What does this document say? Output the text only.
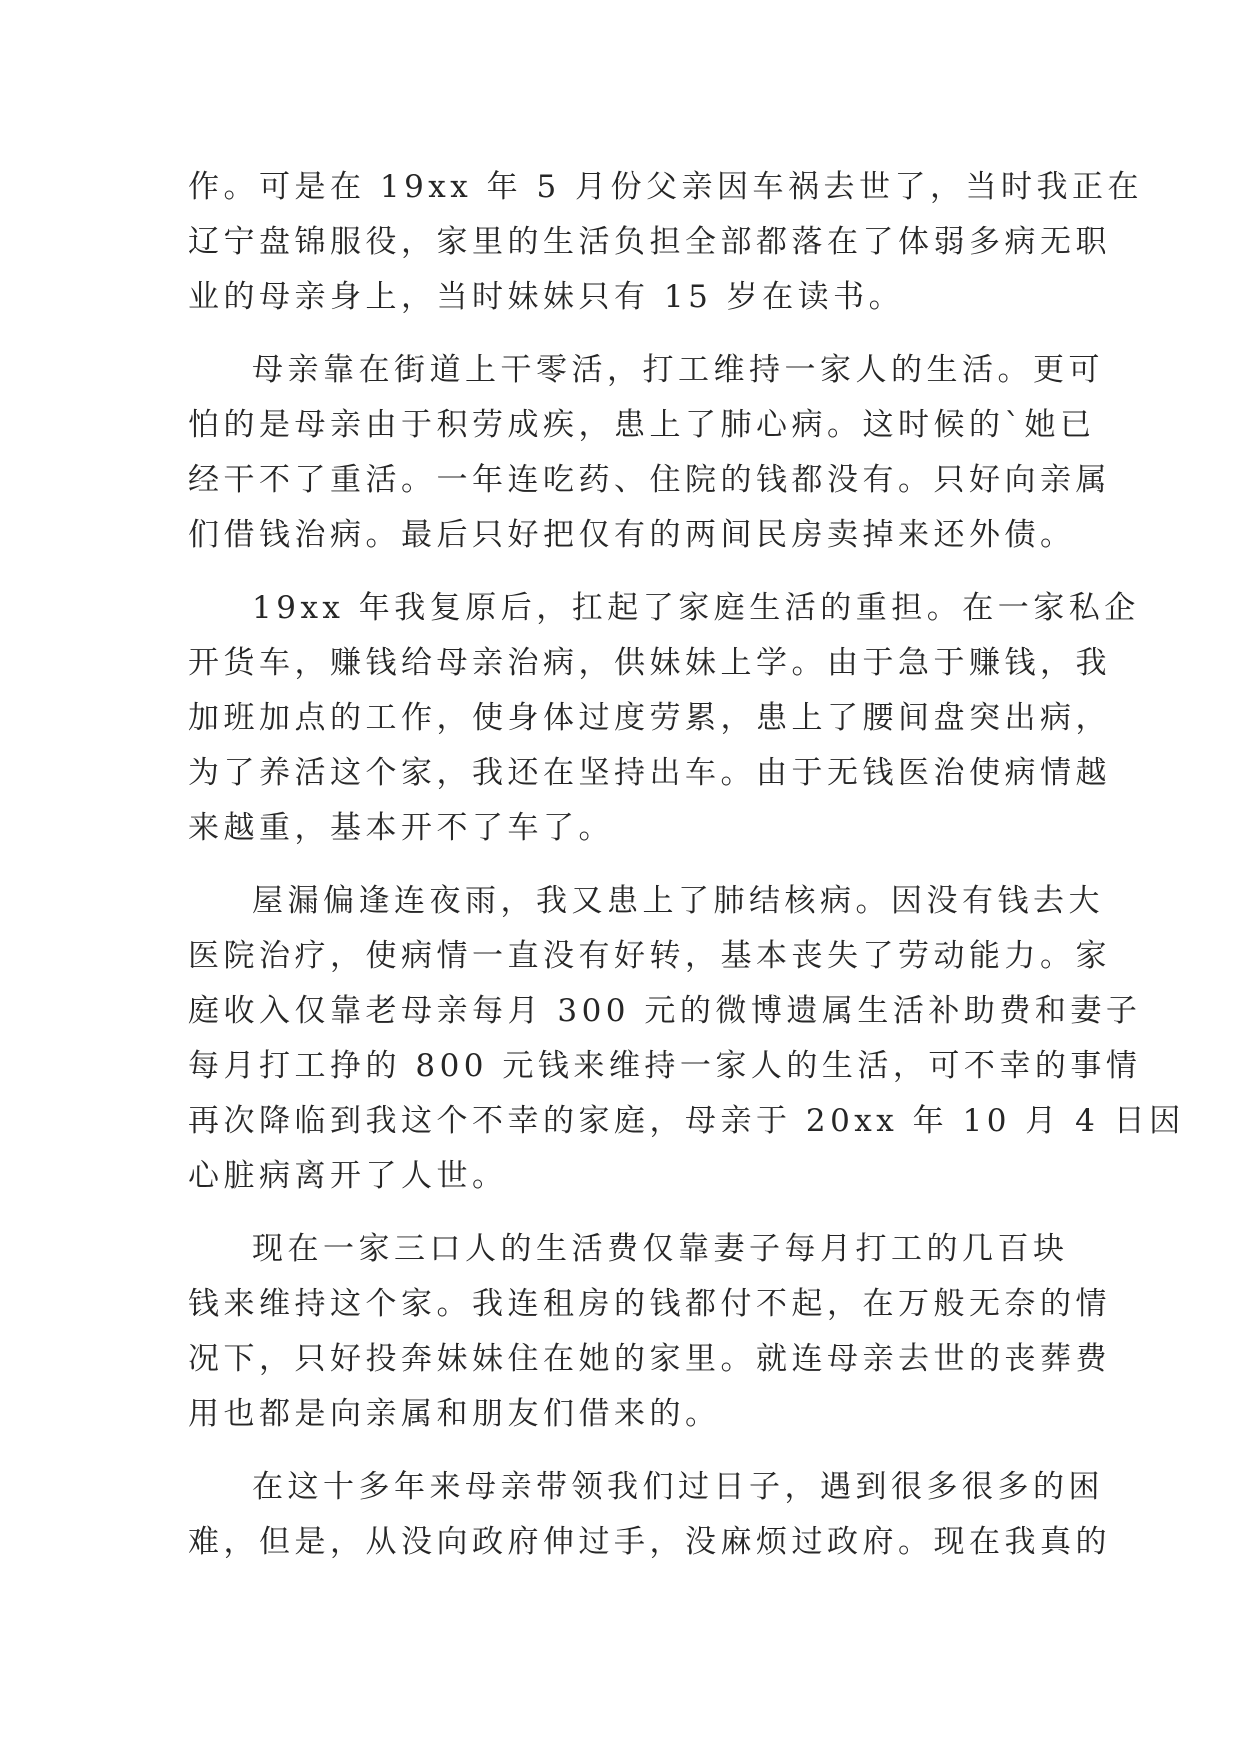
作。可是在 19xx 年 5 月份父亲因车祸去世了，当时我正在
辽宁盘锦服役，家里的生活负担全部都落在了体弱多病无职
业的母亲身上，当时妹妹只有 15 岁在读书。
母亲靠在街道上干零活，打工维持一家人的生活。更可
怕的是母亲由于积劳成疾，患上了肺心病。这时候的`她已
经干不了重活。一年连吃药、住院的钱都没有。只好向亲属
们借钱治病。最后只好把仅有的两间民房卖掉来还外债。
19xx 年我复原后，扛起了家庭生活的重担。在一家私企
开货车，赚钱给母亲治病，供妹妹上学。由于急于赚钱，我
加班加点的工作，使身体过度劳累，患上了腰间盘突出病，
为了养活这个家，我还在坚持出车。由于无钱医治使病情越
来越重，基本开不了车了。
屋漏偏逢连夜雨，我又患上了肺结核病。因没有钱去大
医院治疗，使病情一直没有好转，基本丧失了劳动能力。家
庭收入仅靠老母亲每月 300 元的微博遗属生活补助费和妻子
每月打工挣的 800 元钱来维持一家人的生活，可不幸的事情
再次降临到我这个不幸的家庭，母亲于 20xx 年 10 月 4 日因
心脏病离开了人世。
现在一家三口人的生活费仅靠妻子每月打工的几百块
钱来维持这个家。我连租房的钱都付不起，在万般无奈的情
况下，只好投奔妹妹住在她的家里。就连母亲去世的丧葬费
用也都是向亲属和朋友们借来的。
在这十多年来母亲带领我们过日子，遇到很多很多的困
难，但是，从没向政府伸过手，没麻烦过政府。现在我真的
